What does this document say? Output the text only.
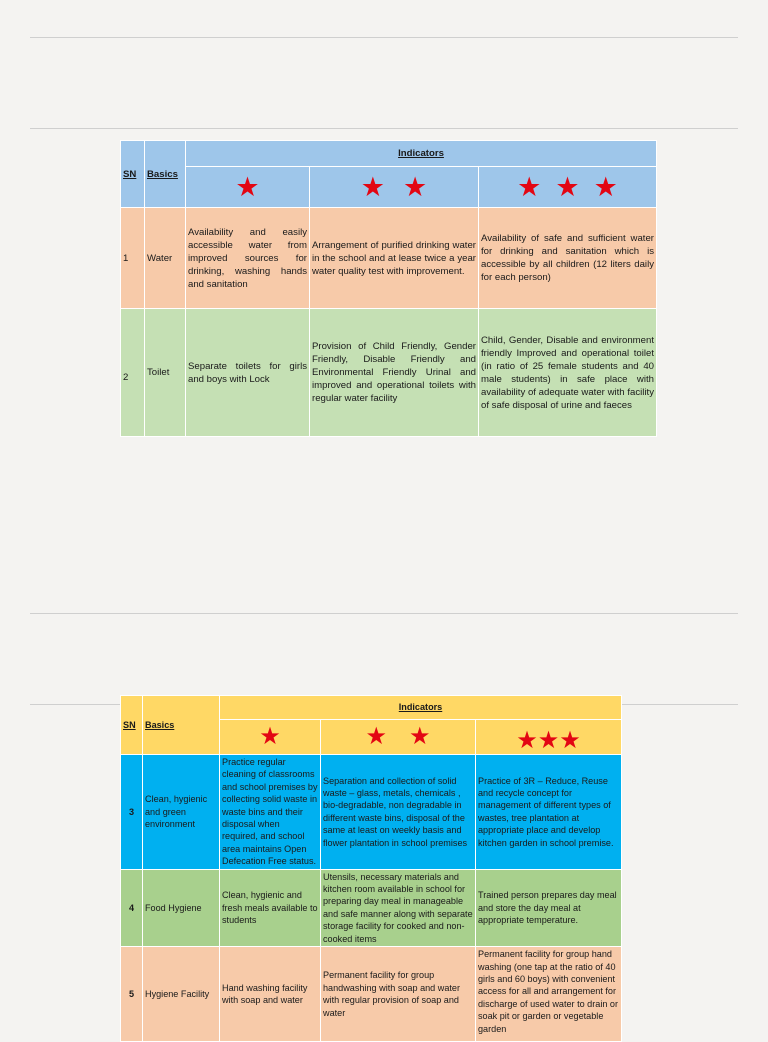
SN	Basics	Indicators		
		★	★ ★	★ ★ ★
1	Water	Availability and easily accessible water from improved sources for drinking, washing hands and sanitation	Arrangement of purified drinking water in the school and at lease twice a year water quality test with improvement.	Availability of safe and sufficient water for drinking and sanitation which is accessible by all children (12 liters daily for each person)
2	Toilet	Separate toilets for girls and boys with Lock	Provision of Child Friendly, Gender Friendly, Disable Friendly and Environmental Friendly Urinal and improved and operational toilets with regular water facility	Child, Gender, Disable and environment friendly Improved and operational toilet (in ratio of 25 female students and 40 male students) in safe place with availability of adequate water with facility of safe disposal of urine and faeces
SN	Basics	Indicators		
		★	★ ★	★★★
3	Clean, hygienic and green environment	Practice regular cleaning of classrooms and school premises by collecting solid waste in waste bins and their disposal when required, and school area maintains Open Defecation Free status.	Separation and collection of solid waste – glass, metals, chemicals , bio-degradable, non degradable in different waste bins, disposal of the same at least on weekly basis and flower plantation in school premises	Practice of 3R – Reduce, Reuse and recycle concept for management of different types of wastes, tree plantation at appropriate place and develop kitchen garden in school premise.
4	Food Hygiene	Clean, hygienic and fresh meals available to students	Utensils, necessary materials and kitchen room available in school for preparing day meal in manageable and safe manner along with separate storage facility for cooked and non-cooked items	Trained person prepares day meal and store the day meal at appropriate temperature.
5	Hygiene Facility	Hand washing facility with soap and water	Permanent facility for group handwashing with soap and water with regular provision of soap and water	Permanent facility for group hand washing (one tap at the ratio of 40 girls and 60 boys) with convenient access for all and arrangement for discharge of used water to drain or soak pit or garden or vegetable garden
